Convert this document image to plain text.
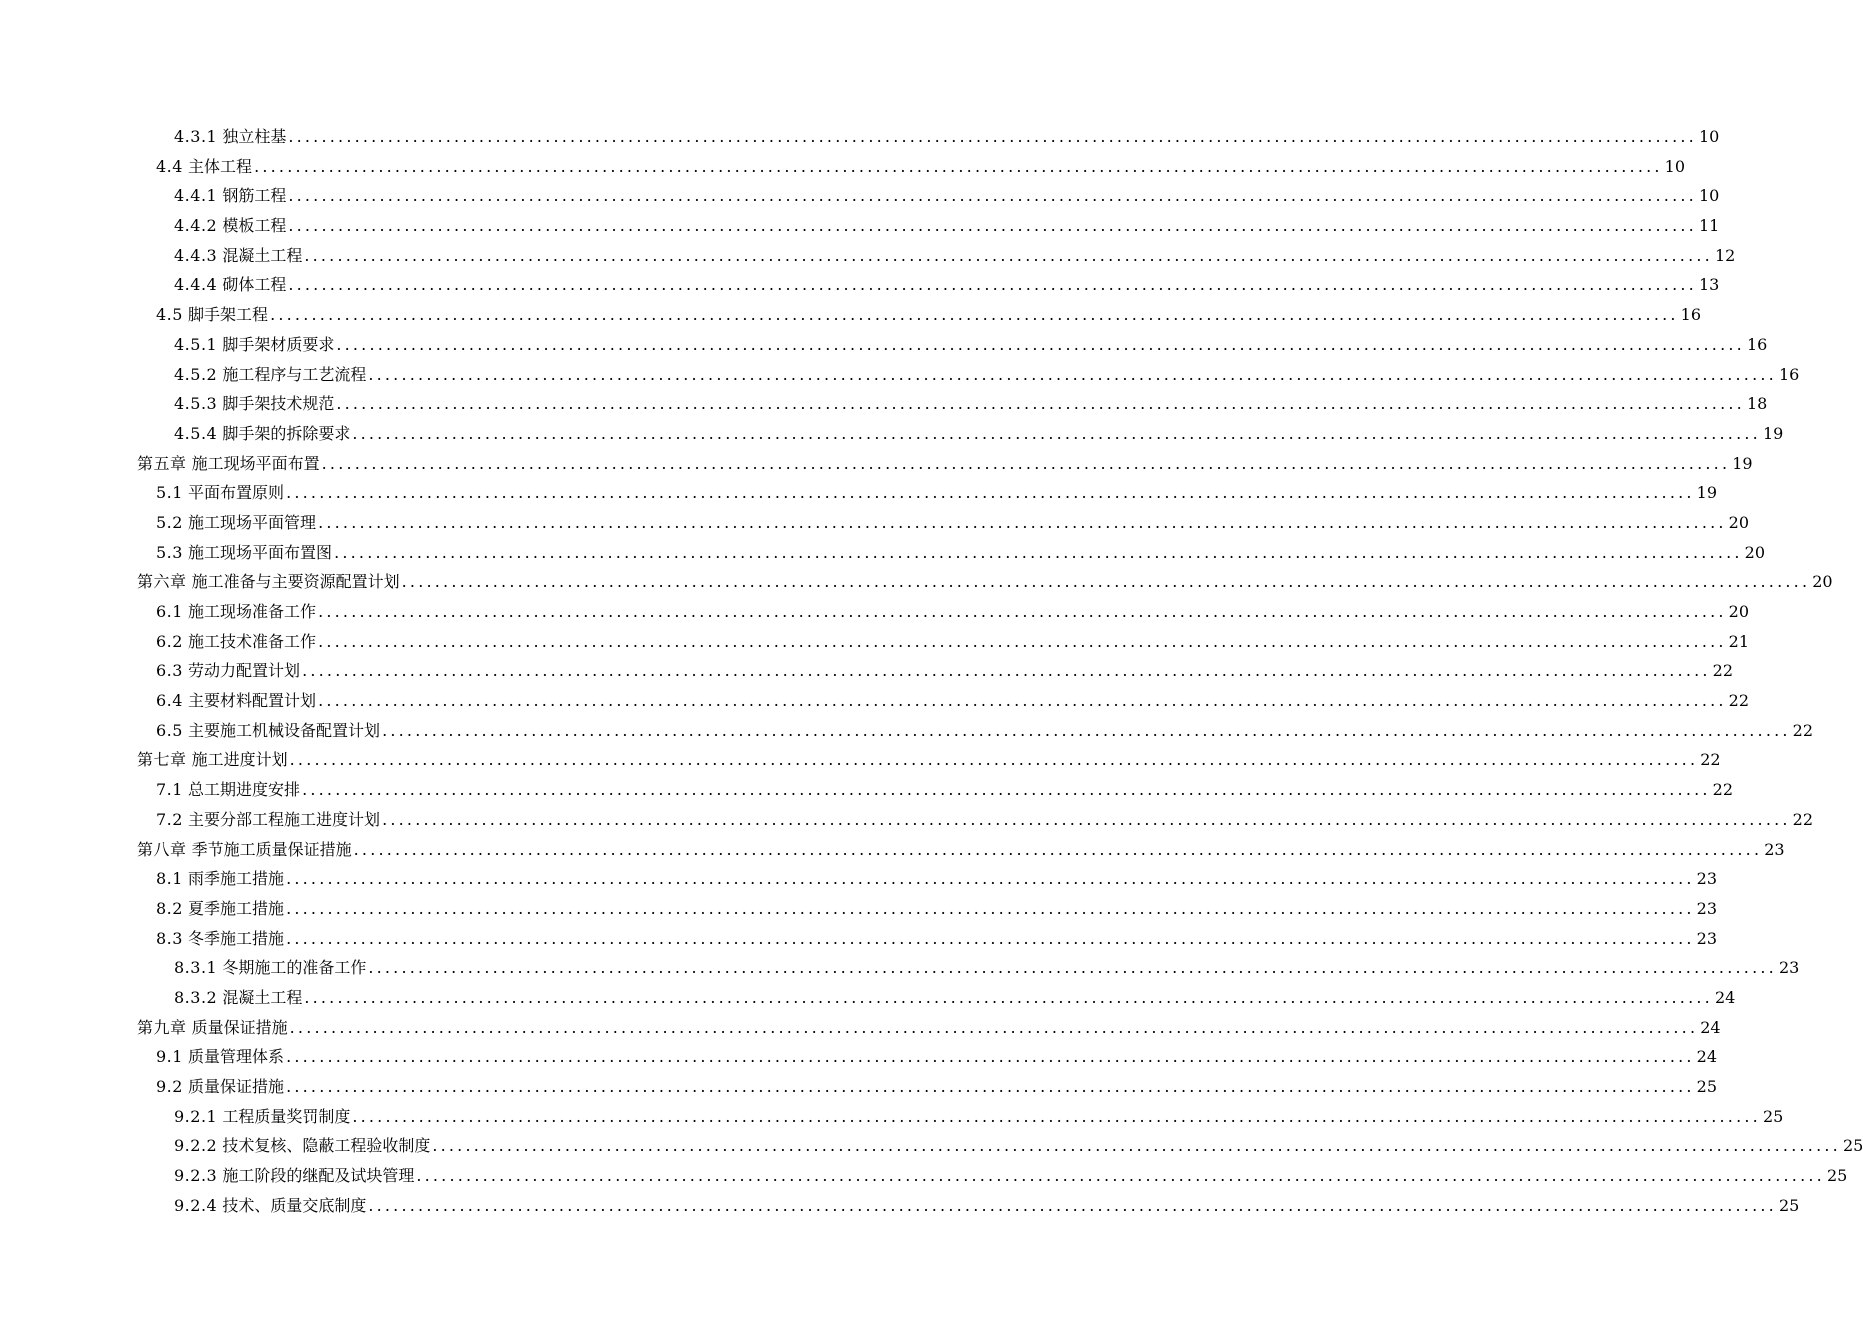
4.3.1 独立柱基 .......................................................................................................................................................................... 10
4.4 主体工程 .......................................................................................................................................................................... 10
4.4.1 钢筋工程 .......................................................................................................................................................................... 10
4.4.2 模板工程 .......................................................................................................................................................................... 11
4.4.3 混凝土工程 .......................................................................................................................................................................... 12
4.4.4 砌体工程 .......................................................................................................................................................................... 13
4.5 脚手架工程 .......................................................................................................................................................................... 16
4.5.1 脚手架材质要求 .......................................................................................................................................................................... 16
4.5.2 施工程序与工艺流程 .......................................................................................................................................................................... 16
4.5.3 脚手架技术规范 .......................................................................................................................................................................... 18
4.5.4 脚手架的拆除要求 .......................................................................................................................................................................... 19
第五章 施工现场平面布置 .......................................................................................................................................................................... 19
5.1 平面布置原则 .......................................................................................................................................................................... 19
5.2 施工现场平面管理 .......................................................................................................................................................................... 20
5.3 施工现场平面布置图 .......................................................................................................................................................................... 20
第六章 施工准备与主要资源配置计划 .......................................................................................................................................................................... 20
6.1 施工现场准备工作 .......................................................................................................................................................................... 20
6.2 施工技术准备工作 .......................................................................................................................................................................... 21
6.3 劳动力配置计划 .......................................................................................................................................................................... 22
6.4 主要材料配置计划 .......................................................................................................................................................................... 22
6.5 主要施工机械设备配置计划 .......................................................................................................................................................................... 22
第七章 施工进度计划 .......................................................................................................................................................................... 22
7.1 总工期进度安排 .......................................................................................................................................................................... 22
7.2 主要分部工程施工进度计划 .......................................................................................................................................................................... 22
第八章 季节施工质量保证措施 .......................................................................................................................................................................... 23
8.1 雨季施工措施 .......................................................................................................................................................................... 23
8.2 夏季施工措施 .......................................................................................................................................................................... 23
8.3 冬季施工措施 .......................................................................................................................................................................... 23
8.3.1 冬期施工的准备工作 .......................................................................................................................................................................... 23
8.3.2 混凝土工程 .......................................................................................................................................................................... 24
第九章 质量保证措施 .......................................................................................................................................................................... 24
9.1 质量管理体系 .......................................................................................................................................................................... 24
9.2 质量保证措施 .......................................................................................................................................................................... 25
9.2.1 工程质量奖罚制度 .......................................................................................................................................................................... 25
9.2.2 技术复核、隐蔽工程验收制度 .......................................................................................................................................................................... 25
9.2.3 施工阶段的继配及试块管理 .......................................................................................................................................................................... 25
9.2.4 技术、质量交底制度 .......................................................................................................................................................................... 25
